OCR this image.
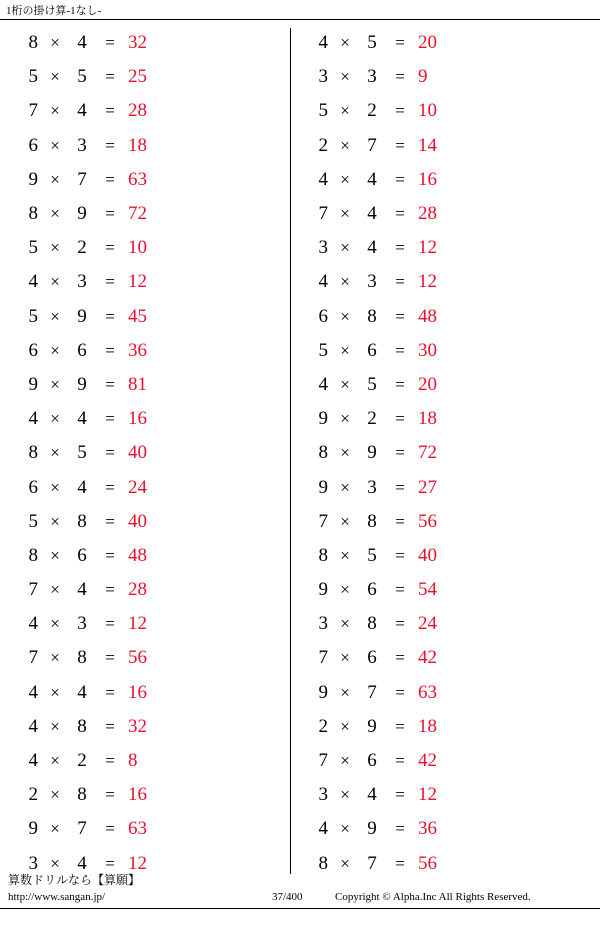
1桁の掛け算-1なし-
8 × 4	= 32
5 × 5	= 25
7 × 4	= 28
6 × 3	= 18
9 × 7	= 63
8 × 9	= 72
5 × 2	= 10
4 × 3	= 12
5 × 9	= 45
6 × 6	= 36
9 × 9	= 81
4 × 4	= 16
8 × 5	= 40
6 × 4	= 24
5 × 8	= 40
8 × 6	= 48
7 × 4	= 28
4 × 3	= 12
7 × 8	= 56
4 × 4	= 16
4 × 8	= 32
4 × 2	= 8
2 × 8	= 16
9 × 7	= 63
3 × 4	= 12
4 × 5	= 20
3 × 3	= 9
5 × 2	= 10
2 × 7	= 14
4 × 4	= 16
7 × 4	= 28
3 × 4	= 12
4 × 3	= 12
6 × 8	= 48
5 × 6	= 30
4 × 5	= 20
9 × 2	= 18
8 × 9	= 72
9 × 3	= 27
7 × 8	= 56
8 × 5	= 40
9 × 6	= 54
3 × 8	= 24
7 × 6	= 42
9 × 7	= 63
2 × 9	= 18
7 × 6	= 42
3 × 4	= 12
4 × 9	= 36
8 × 7	= 56
算数ドリルなら【算願】
http://www.sangan.jp/	37/400	Copyright © Alpha.Inc All Rights Reserved.
